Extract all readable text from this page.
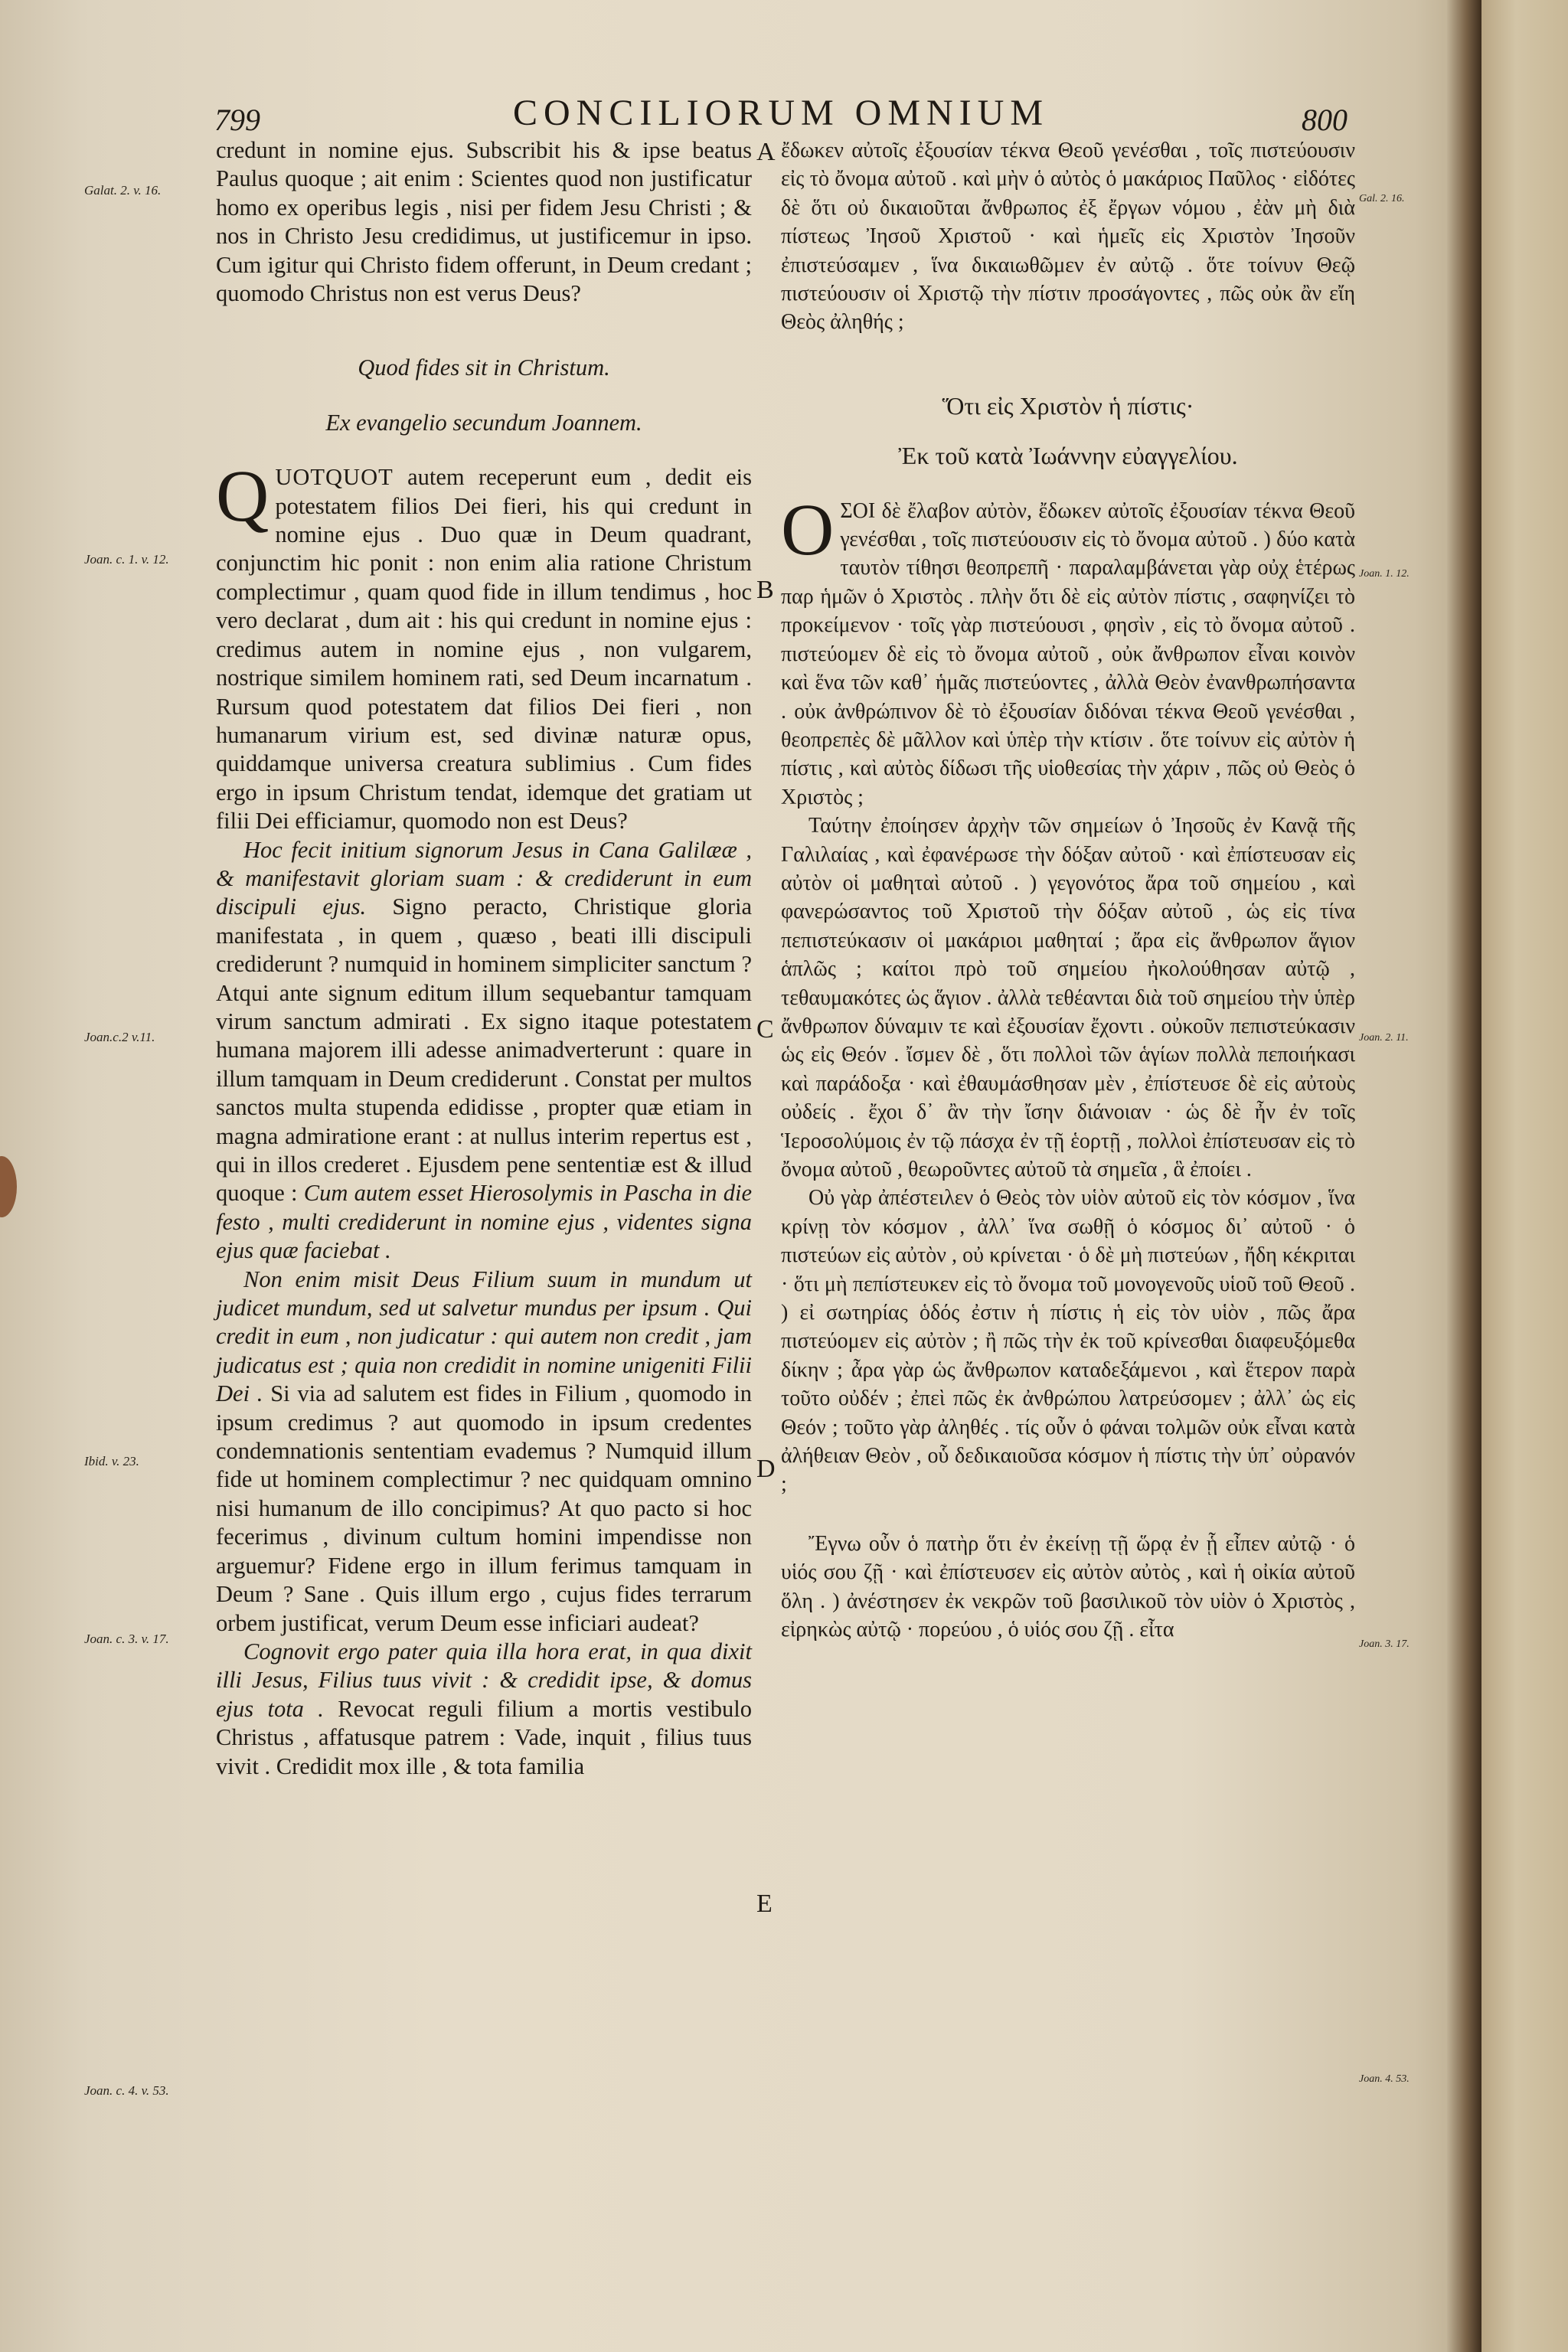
799	CONCILIORUM OMNIUM	800
Galat. 2. v. 16.
Joan. c. 1. v. 12.
Joan.c.2 v.11.
Ibid. v. 23.
Joan. c. 3. v. 17.
Joan. c. 4. v. 53.
A
B
C
D
E

credunt in nomine ejus. Subscribit his & ipse beatus Paulus quoque ; ait enim : Scientes quod non justificatur homo ex operibus legis , nisi per fidem Jesu Christi ; & nos in Christo Jesu credidimus, ut justificemur in ipso. Cum igitur qui Christo fidem offerunt, in Deum credant ; quomodo Christus non est verus Deus?

Quod fides sit in Christum.

Ex evangelio secundum Joannem.

QUOTQUOT autem receperunt eum , dedit eis potestatem filios Dei fieri, his qui credunt in nomine ejus . Duo quæ in Deum quadrant, conjunctim hic ponit : non enim alia ratione Christum complectimur , quam quod fide in illum tendimus , hoc vero declarat , dum ait : his qui credunt in nomine ejus : credimus autem in nomine ejus , non vulgarem, nostrique similem hominem rati, sed Deum incarnatum . Rursum quod potestatem dat filios Dei fieri , non humanarum virium est, sed divinæ naturæ opus, quiddamque universa creatura sublimius . Cum fides ergo in ipsum Christum tendat, idemque det gratiam ut filii Dei efficiamur, quomodo non est Deus?

Hoc fecit initium signorum Jesus in Cana Galilææ , & manifestavit gloriam suam : & crediderunt in eum discipuli ejus. Signo peracto, Christique gloria manifestata , in quem , quæso , beati illi discipuli crediderunt ? numquid in hominem simpliciter sanctum ? Atqui ante signum editum illum sequebantur tamquam virum sanctum admirati . Ex signo itaque potestatem humana majorem illi adesse animadverterunt : quare in illum tamquam in Deum crediderunt . Constat per multos sanctos multa stupenda edidisse , propter quæ etiam in magna admiratione erant : at nullus interim repertus est , qui in illos crederet . Ejusdem pene sententiæ est & illud quoque : Cum autem esset Hierosolymis in Pascha in die festo , multi crediderunt in nomine ejus , videntes signa ejus quæ faciebat .

Non enim misit Deus Filium suum in mundum ut judicet mundum, sed ut salvetur mundus per ipsum . Qui credit in eum , non judicatur : qui autem non credit , jam judicatus est ; quia non credidit in nomine unigeniti Filii Dei . Si via ad salutem est fides in Filium , quomodo in ipsum credimus ? aut quomodo in ipsum credentes condemnationis sententiam evademus ? Numquid illum fide ut hominem complectimur ? nec quidquam omnino nisi humanum de illo concipimus? At quo pacto si hoc fecerimus , divinum cultum homini impendisse non arguemur? Fidene ergo in illum ferimus tamquam in Deum ? Sane . Quis illum ergo , cujus fides terrarum orbem justificat, verum Deum esse inficiari audeat?

Cognovit ergo pater quia illa hora erat, in qua dixit illi Jesus, Filius tuus vivit : & credidit ipse, & domus ejus tota . Revocat reguli filium a mortis vestibulo Christus , affatusque patrem : Vade, inquit , filius tuus vivit . Credidit mox ille , & tota familia

ἔδωκεν αὐτοῖς ἐξουσίαν τέκνα Θεοῦ γενέσθαι , τοῖς πιστεύουσιν εἰς τὸ ὄνομα αὐτοῦ . καὶ μὴν ὁ αὐτὸς ὁ μακάριος Παῦλος · εἰδότες δὲ ὅτι οὐ δικαιοῦται ἄνθρωπος ἐξ ἔργων νόμου , ἐὰν μὴ διὰ πίστεως Ἰησοῦ Χριστοῦ · καὶ ἡμεῖς εἰς Χριστὸν Ἰησοῦν ἐπιστεύσαμεν , ἵνα δικαιωθῶμεν ἐν αὐτῷ . ὅτε τοίνυν Θεῷ πιστεύουσιν οἱ Χριστῷ τὴν πίστιν προσάγοντες , πῶς οὐκ ἂν εἴη Θεὸς ἀληθής ;

Ὅτι εἰς Χριστὸν ἡ πίστις·

Ἐκ τοῦ κατὰ Ἰωάννην εὐαγγελίου.

ΟΣΟΙ δὲ ἔλαβον αὐτὸν, ἔδωκεν αὐτοῖς ἐξουσίαν τέκνα Θεοῦ γενέσθαι , τοῖς πιστεύουσιν εἰς τὸ ὄνομα αὐτοῦ . ) δύο κατὰ ταυτὸν τίθησι θεοπρεπῆ · παραλαμβάνεται γὰρ οὐχ ἑτέρως παρ ἡμῶν ὁ Χριστὸς . πλὴν ὅτι δὲ εἰς αὐτὸν πίστις , σαφηνίζει τὸ προκείμενον · τοῖς γὰρ πιστεύουσι , φησὶν , εἰς τὸ ὄνομα αὐτοῦ . πιστεύομεν δὲ εἰς τὸ ὄνομα αὐτοῦ , οὐκ ἄνθρωπον εἶναι κοινὸν καὶ ἕνα τῶν καθ᾽ ἡμᾶς πιστεύοντες , ἀλλὰ Θεὸν ἐνανθρωπήσαντα . οὐκ ἀνθρώπινον δὲ τὸ ἐξουσίαν διδόναι τέκνα Θεοῦ γενέσθαι , θεοπρεπὲς δὲ μᾶλλον καὶ ὑπὲρ τὴν κτίσιν . ὅτε τοίνυν εἰς αὐτὸν ἡ πίστις , καὶ αὐτὸς δίδωσι τῆς υἱοθεσίας τὴν χάριν , πῶς οὐ Θεὸς ὁ Χριστὸς ;

Ταύτην ἐποίησεν ἀρχὴν τῶν σημείων ὁ Ἰησοῦς ἐν Κανᾷ τῆς Γαλιλαίας , καὶ ἐφανέρωσε τὴν δόξαν αὐτοῦ · καὶ ἐπίστευσαν εἰς αὐτὸν οἱ μαθηταὶ αὐτοῦ . ) γεγονότος ἄρα τοῦ σημείου , καὶ φανερώσαντος τοῦ Χριστοῦ τὴν δόξαν αὐτοῦ , ὡς εἰς τίνα πεπιστεύκασιν οἱ μακάριοι μαθηταί ; ἄρα εἰς ἄνθρωπον ἅγιον ἁπλῶς ; καίτοι πρὸ τοῦ σημείου ἠκολούθησαν αὐτῷ , τεθαυμακότες ὡς ἅγιον . ἀλλὰ τεθέανται διὰ τοῦ σημείου τὴν ὑπὲρ ἄνθρωπον δύναμιν τε καὶ ἐξουσίαν ἔχοντι . οὐκοῦν πεπιστεύκασιν ὡς εἰς Θεόν . ἴσμεν δὲ , ὅτι πολλοὶ τῶν ἁγίων πολλὰ πεποιήκασι καὶ παράδοξα · καὶ ἐθαυμάσθησαν μὲν , ἐπίστευσε δὲ εἰς αὐτοὺς οὐδείς . ἔχοι δ᾽ ἂν τὴν ἴσην διάνοιαν · ὡς δὲ ἦν ἐν τοῖς Ἱεροσολύμοις ἐν τῷ πάσχα ἐν τῇ ἑορτῇ , πολλοὶ ἐπίστευσαν εἰς τὸ ὄνομα αὐτοῦ , θεωροῦντες αὐτοῦ τὰ σημεῖα , ἃ ἐποίει .

Οὐ γὰρ ἀπέστειλεν ὁ Θεὸς τὸν υἱὸν αὐτοῦ εἰς τὸν κόσμον , ἵνα κρίνῃ τὸν κόσμον , ἀλλ᾽ ἵνα σωθῇ ὁ κόσμος δι᾽ αὐτοῦ · ὁ πιστεύων εἰς αὐτὸν , οὐ κρίνεται · ὁ δὲ μὴ πιστεύων , ἤδη κέκριται · ὅτι μὴ πεπίστευκεν εἰς τὸ ὄνομα τοῦ μονογενοῦς υἱοῦ τοῦ Θεοῦ . ) εἰ σωτηρίας ὁδός ἐστιν ἡ πίστις ἡ εἰς τὸν υἱὸν , πῶς ἄρα πιστεύομεν εἰς αὐτὸν ; ἢ πῶς τὴν ἐκ τοῦ κρίνεσθαι διαφευξόμεθα δίκην ; ἆρα γὰρ ὡς ἄνθρωπον καταδεξάμενοι , καὶ ἕτερον παρὰ τοῦτο οὐδέν ; ἐπεὶ πῶς ἐκ ἀνθρώπου λατρεύσομεν ; ἀλλ᾽ ὡς εἰς Θεόν ; τοῦτο γὰρ ἀληθές . τίς οὖν ὁ φάναι τολμῶν οὐκ εἶναι κατὰ ἀλήθειαν Θεὸν , οὗ δεδικαιοῦσα κόσμον ἡ πίστις τὴν ὑπ᾽ οὐρανόν ;

Ἔγνω οὖν ὁ πατὴρ ὅτι ἐν ἐκείνῃ τῇ ὥρᾳ ἐν ᾗ εἶπεν αὐτῷ · ὁ υἱός σου ζῇ · καὶ ἐπίστευσεν εἰς αὐτὸν αὐτὸς , καὶ ἡ οἰκία αὐτοῦ ὅλη . ) ἀνέστησεν ἐκ νεκρῶν τοῦ βασιλικοῦ τὸν υἱὸν ὁ Χριστὸς , εἰρηκὼς αὐτῷ · πορεύου , ὁ υἱός σου ζῇ . εἶτα

Gal. 2. 16.
Joan. 1. 12.
Joan. 2. 11.
Joan. 3. 17.
Joan. 4. 53.
